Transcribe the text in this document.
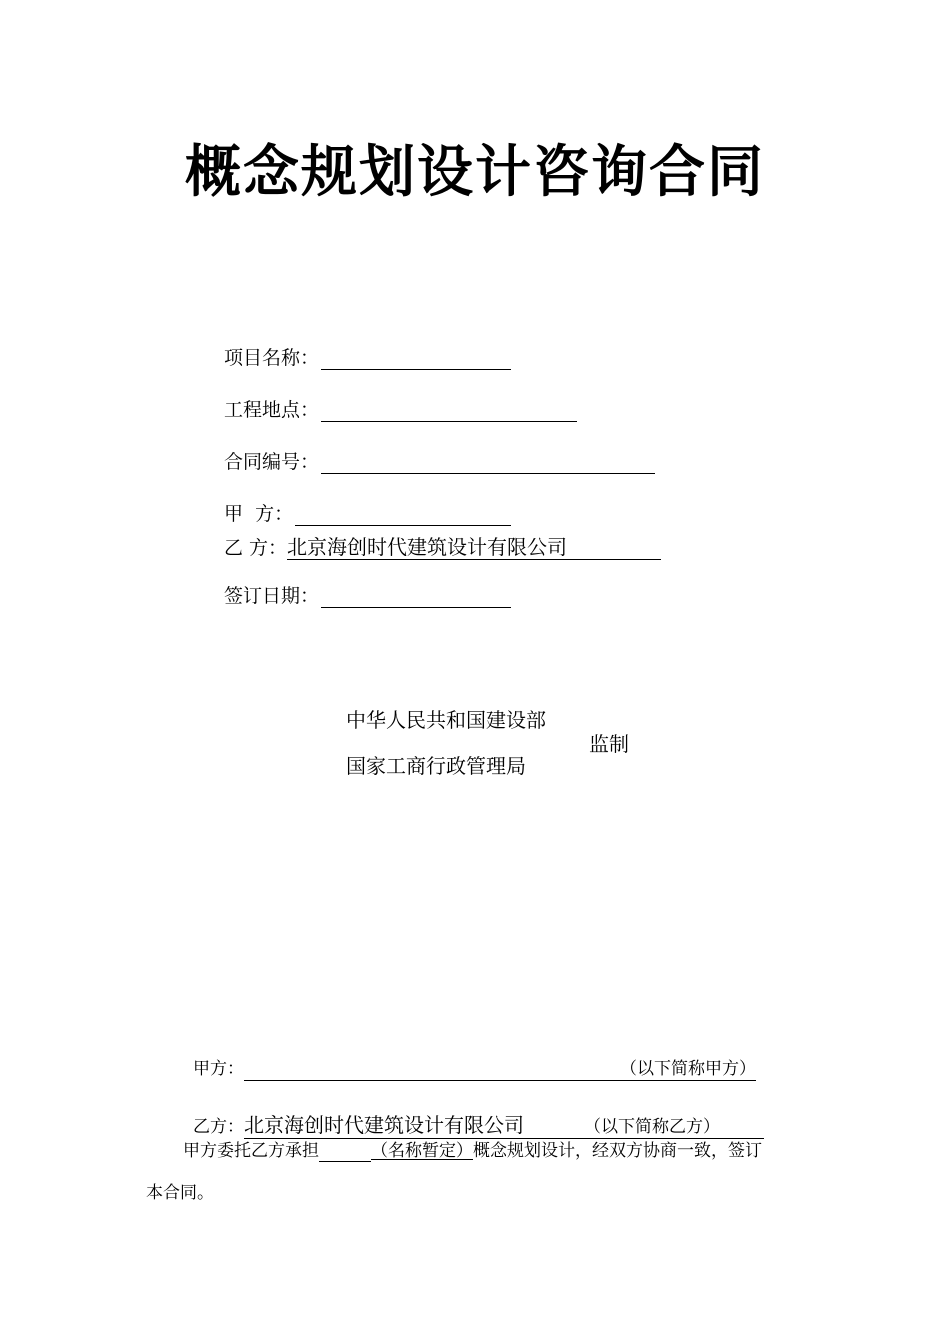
概念规划设计咨询合同
项目名称：
工程地点：
合同编号：
甲  方：
乙 方：北京海创时代建筑设计有限公司
签订日期：
中华人民共和国建设部
国家工商行政管理局
监制
甲方：	（以下简称甲方）
乙方：北京海创时代建筑设计有限公司	（以下简称乙方）
甲方委托乙方承担	（名称暂定）概念规划设计，经双方协商一致，签订
本合同。
